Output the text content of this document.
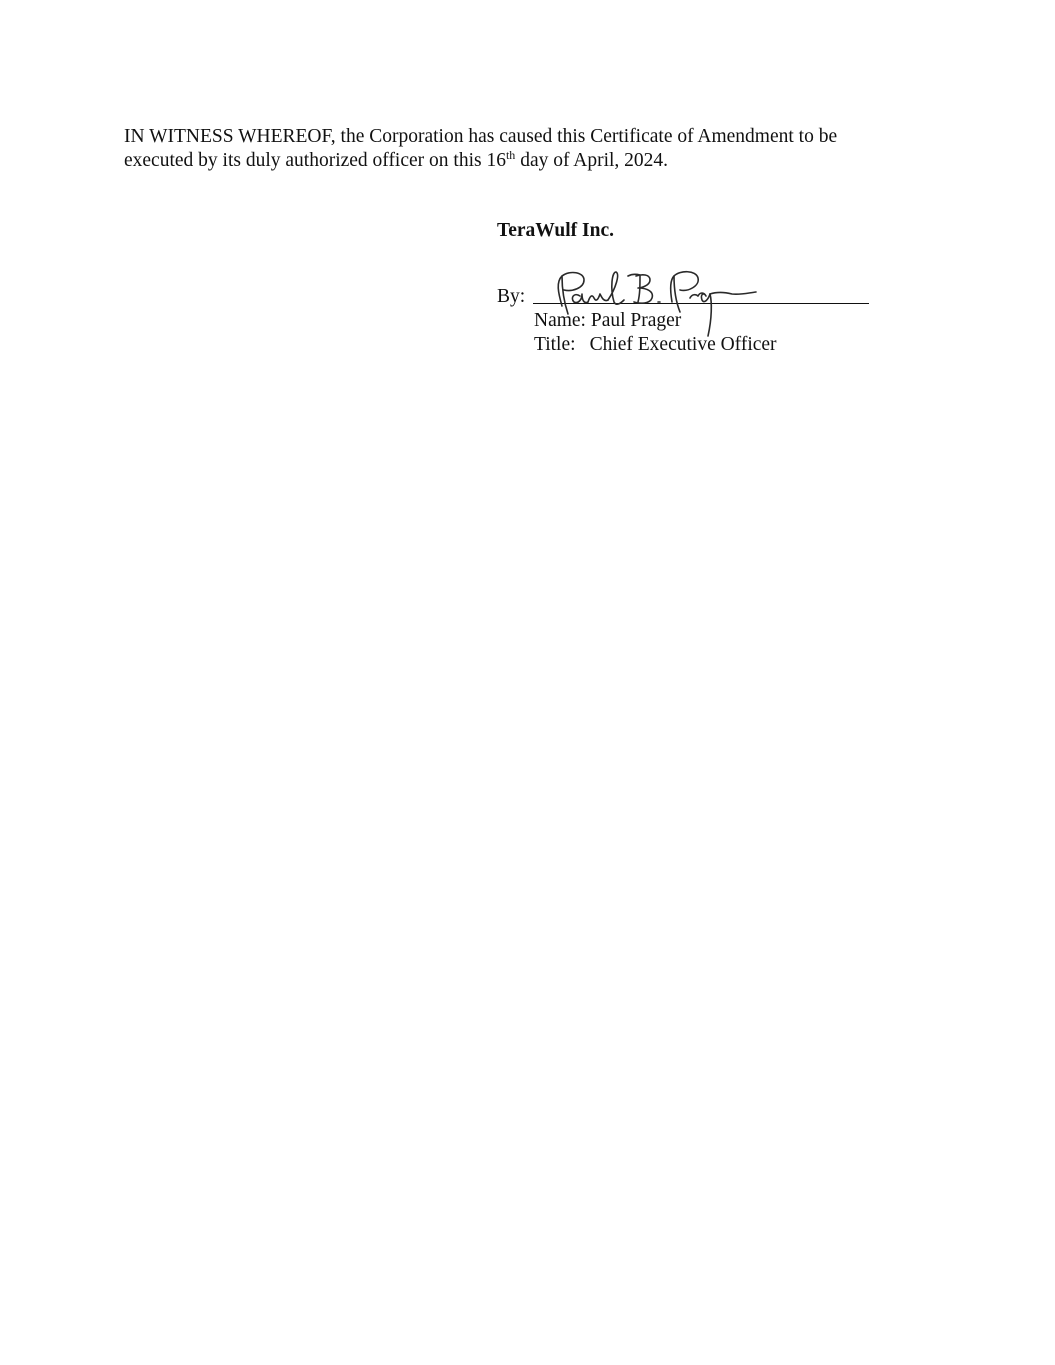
IN WITNESS WHEREOF, the Corporation has caused this Certificate of Amendment to be
executed by its duly authorized officer on this 16th day of April, 2024.

TeraWulf Inc.

By:
Name: Paul Prager
Title: Chief Executive Officer
